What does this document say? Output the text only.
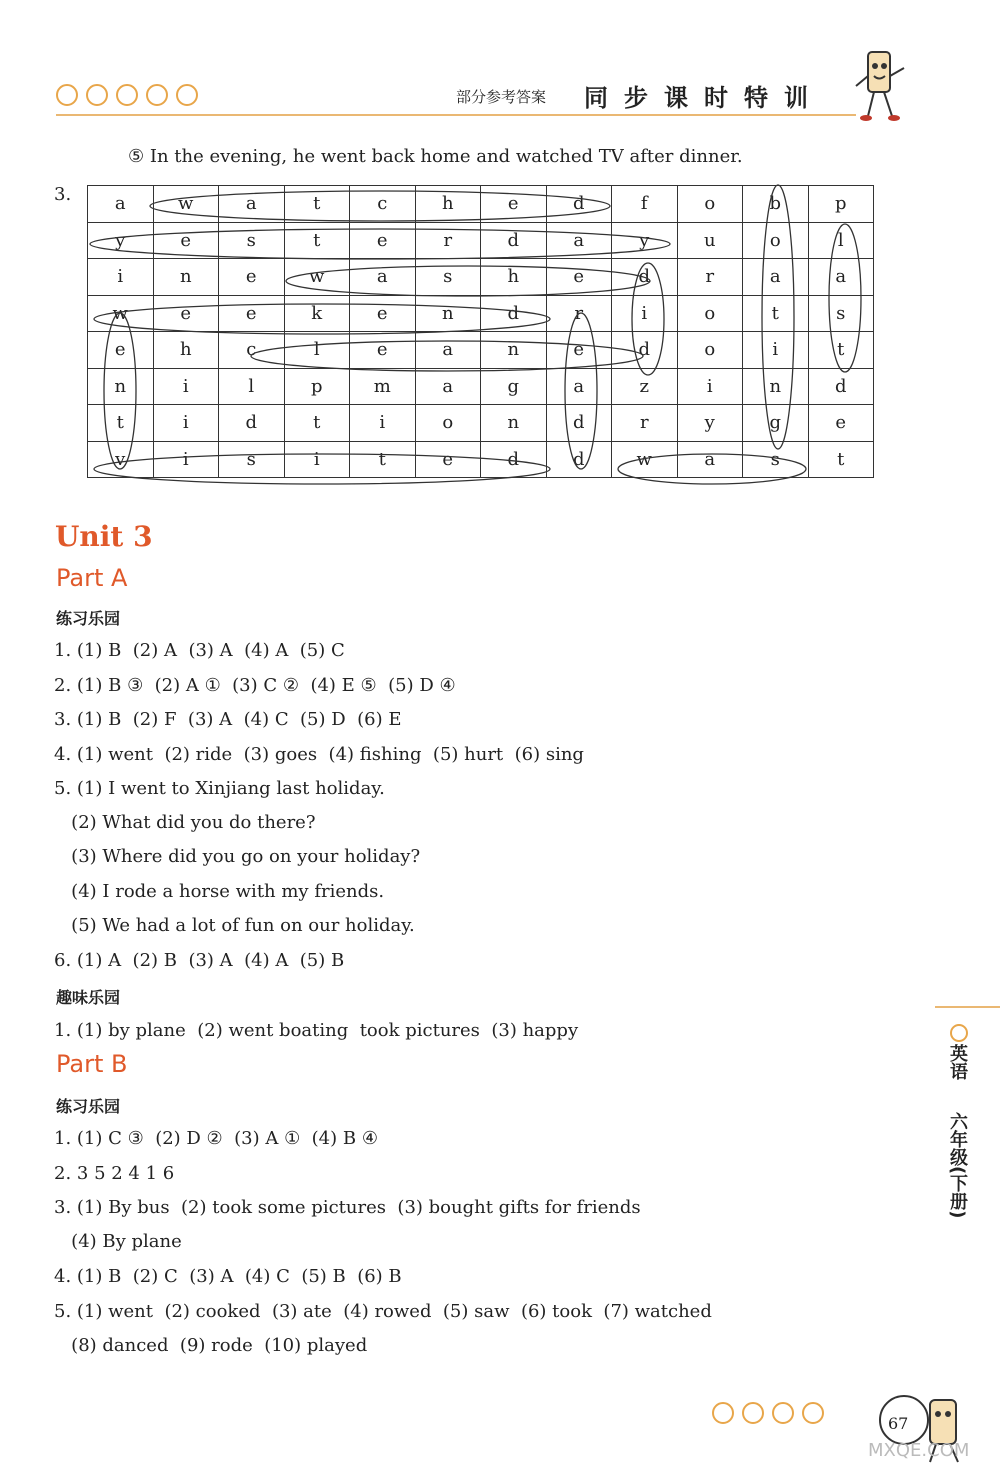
部分参考答案 同步课时特训
⑤ In the evening, he went back home and watched TV after dinner.
3. a	w	a	t	c	h	e	d	f	o	b	p
y	e	s	t	e	r	d	a	y	u	o	l
i	n	e	w	a	s	h	e	d	r	a	a
w	e	e	k	e	n	d	r	i	o	t	s
e	h	c	l	e	a	n	e	d	o	i	t
n	i	l	p	m	a	g	a	z	i	n	d
t	i	d	t	i	o	n	d	r	y	g	e
v	i	s	i	t	e	d	d	w	a	s	t
Unit 3
Part A
练习乐园
1. (1) B  (2) A  (3) A  (4) A  (5) C
2. (1) B ③  (2) A ①  (3) C ②  (4) E ⑤  (5) D ④
3. (1) B  (2) F  (3) A  (4) C  (5) D  (6) E
4. (1) went  (2) ride  (3) goes  (4) fishing  (5) hurt  (6) sing
5. (1) I went to Xinjiang last holiday.
(2) What did you do there?
(3) Where did you go on your holiday?
(4) I rode a horse with my friends.
(5) We had a lot of fun on our holiday.
6. (1) A  (2) B  (3) A  (4) A  (5) B
趣味乐园
1. (1) by plane  (2) went boating  took pictures  (3) happy
Part B
练习乐园
1. (1) C ③  (2) D ②  (3) A ①  (4) B ④
2. 3 5 2 4 1 6
3. (1) By bus  (2) took some pictures  (3) bought gifts for friends
(4) By plane
4. (1) B  (2) C  (3) A  (4) C  (5) B  (6) B
5. (1) went  (2) cooked  (3) ate  (4) rowed  (5) saw  (6) took  (7) watched
(8) danced  (9) rode  (10) played
英语
六年级(下册)
67
MXQE.COM
